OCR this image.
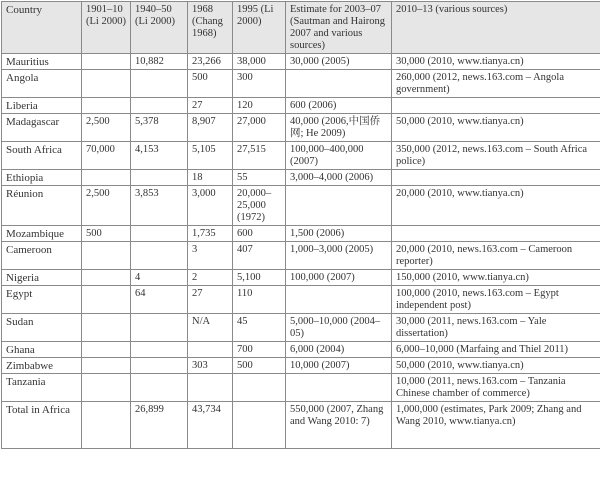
Country	1901–10 (Li 2000)	1940–50 (Li 2000)	1968 (Chang 1968)	1995 (Li 2000)	Estimate for 2003–07 (Sautman and Hairong 2007 and various sources)	2010–13 (various sources)
Mauritius		10,882	23,266	38,000	30,000 (2005)	30,000 (2010, www.tianya.cn)
Angola			500	300		260,000 (2012, news.163.com – Angola government)
Liberia			27	120	600 (2006)	
Madagascar	2,500	5,378	8,907	27,000	40,000 (2006,中国侨网; He 2009)	50,000 (2010, www.tianya.cn)
South Africa	70,000	4,153	5,105	27,515	100,000–400,000 (2007)	350,000 (2012, news.163.com – South Africa police)
Ethiopia			18	55	3,000–4,000 (2006)	
Réunion	2,500	3,853	3,000	20,000–25,000 (1972)		20,000 (2010, www.tianya.cn)
Mozambique	500		1,735	600	1,500 (2006)	
Cameroon			3	407	1,000–3,000 (2005)	20,000 (2010, news.163.com – Cameroon reporter)
Nigeria		4	2	5,100	100,000 (2007)	150,000 (2010, www.tianya.cn)
Egypt		64	27	110		100,000 (2010, news.163.com – Egypt independent post)
Sudan			N/A	45	5,000–10,000 (2004–05)	30,000 (2011, news.163.com – Yale dissertation)
Ghana				700	6,000 (2004)	6,000–10,000 (Marfaing and Thiel 2011)
Zimbabwe			303	500	10,000 (2007)	50,000 (2010, www.tianya.cn)
Tanzania						10,000 (2011, news.163.com – Tanzania Chinese chamber of commerce)
Total in Africa		26,899	43,734		550,000 (2007, Zhang and Wang 2010: 7)	1,000,000 (estimates, Park 2009; Zhang and Wang 2010, www.tianya.cn)
